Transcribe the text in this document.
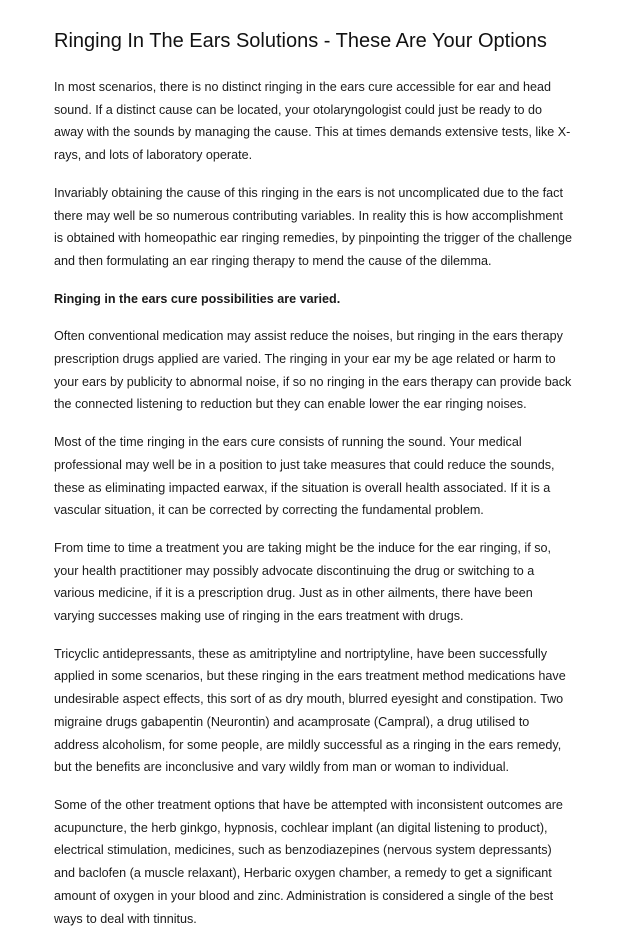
Ringing In The Ears Solutions - These Are Your Options

In most scenarios, there is no distinct ringing in the ears cure accessible for ear and head
sound. If a distinct cause can be located, your otolaryngologist could just be ready to do
away with the sounds by managing the cause. This at times demands extensive tests, like X-
rays, and lots of laboratory operate.

Invariably obtaining the cause of this ringing in the ears is not uncomplicated due to the fact
there may well be so numerous contributing variables. In reality this is how accomplishment
is obtained with homeopathic ear ringing remedies, by pinpointing the trigger of the challenge
and then formulating an ear ringing therapy to mend the cause of the dilemma.

Ringing in the ears cure possibilities are varied.

Often conventional medication may assist reduce the noises, but ringing in the ears therapy
prescription drugs applied are varied. The ringing in your ear my be age related or harm to
your ears by publicity to abnormal noise, if so no ringing in the ears therapy can provide back
the connected listening to reduction but they can enable lower the ear ringing noises.

Most of the time ringing in the ears cure consists of running the sound. Your medical
professional may well be in a position to just take measures that could reduce the sounds,
these as eliminating impacted earwax, if the situation is overall health associated. If it is a
vascular situation, it can be corrected by correcting the fundamental problem.

From time to time a treatment you are taking might be the induce for the ear ringing, if so,
your health practitioner may possibly advocate discontinuing the drug or switching to a
various medicine, if it is a prescription drug. Just as in other ailments, there have been
varying successes making use of ringing in the ears treatment with drugs.

Tricyclic antidepressants, these as amitriptyline and nortriptyline, have been successfully
applied in some scenarios, but these ringing in the ears treatment method medications have
undesirable aspect effects, this sort of as dry mouth, blurred eyesight and constipation. Two
migraine drugs gabapentin (Neurontin) and acamprosate (Campral), a drug utilised to
address alcoholism, for some people, are mildly successful as a ringing in the ears remedy,
but the benefits are inconclusive and vary wildly from man or woman to individual.

Some of the other treatment options that have be attempted with inconsistent outcomes are
acupuncture, the herb ginkgo, hypnosis, cochlear implant (an digital listening to product),
electrical stimulation, medicines, such as benzodiazepines (nervous system depressants)
and baclofen (a muscle relaxant), Herbaric oxygen chamber, a remedy to get a significant
amount of oxygen in your blood and zinc. Administration is considered a single of the best
ways to deal with tinnitus.
